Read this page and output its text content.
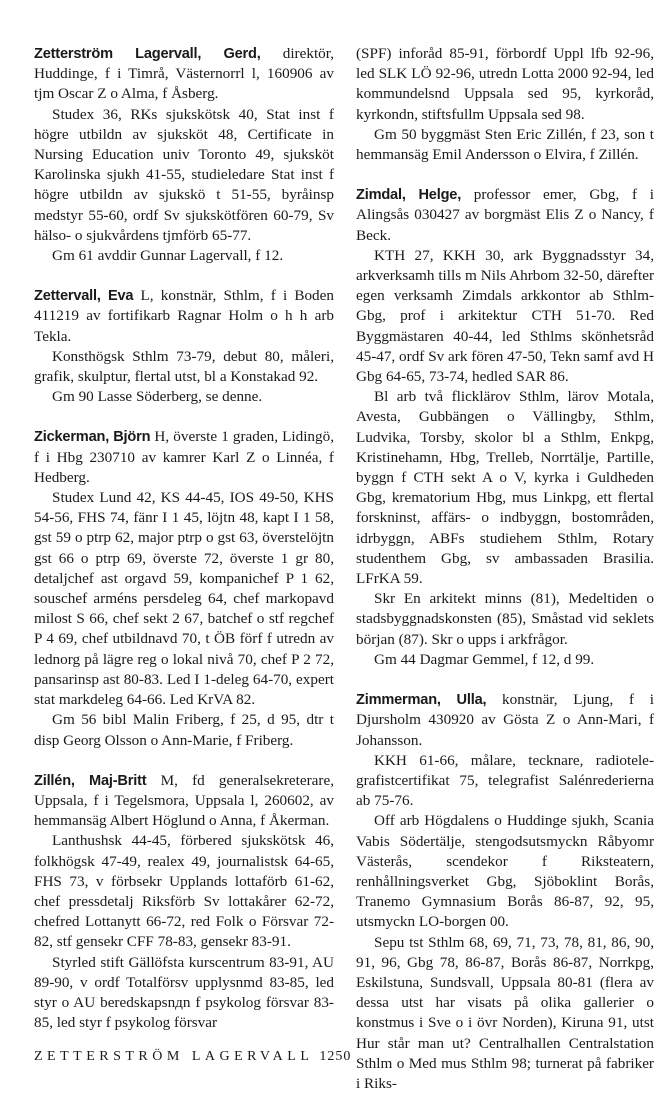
Zetterström Lagervall, Gerd, direktör, Huddinge, f i Timrå, Västernorrl l, 160906 av tjm Oscar Z o Alma, f Åsberg.

Studex 36, RKs sjukskötsk 40, Stat inst f högre utbildn av sjuksköt 48, Certificate in Nursing Education univ Toronto 49, sjuksköt Karolinska sjukh 41-55, studieledare Stat inst f högre utbildn av sjukskö t 51-55, byråinsp medstyr 55-60, ordf Sv sjukskötfören 60-79, Sv hälso- o sjukvårdens tjmförb 65-77.

Gm 61 avddir Gunnar Lagervall, f 12.

Zettervall, Eva L, konstnär, Sthlm, f i Boden 411219 av fortifikarb Ragnar Holm o h h arb Tekla.

Konsthögsk Sthlm 73-79, debut 80, måleri, grafik, skulptur, flertal utst, bl a Konstakad 92.

Gm 90 Lasse Söderberg, se denne.

Zickerman, Björn H, överste 1 graden, Lidingö, f i Hbg 230710 av kamrer Karl Z o Linnéa, f Hedberg.

Studex Lund 42, KS 44-45, IOS 49-50, KHS 54-56, FHS 74, fänr I 1 45, löjtn 48, kapt I 1 58, gst 59 o ptrp 62, major ptrp o gst 63, överstelöjtn gst 66 o ptrp 69, överste 72, överste 1 gr 80, detaljchef ast orgavd 59, kompanichef P 1 62, souschef arméns persdeleg 64, chef markopavd milost S 66, chef sekt 2 67, batchef o stf regchef P 4 69, chef utbildnavd 70, t ÖB förf f utredn av lednorg på lägre reg o lokal nivå 70, chef P 2 72, pansarinsp ast 80-83. Led I 1-deleg 64-70, expert stat markdeleg 64-66. Led KrVA 82.

Gm 56 bibl Malin Friberg, f 25, d 95, dtr t disp Georg Olsson o Ann-Marie, f Friberg.

Zillén, Maj-Britt M, fd generalsekreterare, Uppsala, f i Tegelsmora, Uppsala l, 260602, av hemmansäg Albert Höglund o Anna, f Åkerman.

Lanthushsk 44-45, förbered sjukskötsk 46, folkhögsk 47-49, realex 49, journalistsk 64-65, FHS 73, v förbsekr Upplands lottaförb 61-62, chef pressdetalj Riksförb Sv lottakårer 62-72, chefred Lottanytt 66-72, red Folk o Försvar 72-82, stf gensekr CFF 78-83, gensekr 83-91.

Styrled stift Gällöfsta kurscentrum 83-91, AU 89-90, v ordf Totalförsv upplysnmd 83-85, led styr o AU beredskapsnдn f psykolog försvar 83-85, led styr f psykolog försvar

(SPF) inforåd 85-91, förbordf Uppl lfb 92-96, led SLK LÖ 92-96, utredn Lotta 2000 92-94, led kommundelsnd Uppsala sed 95, kyrkoråd, kyrkondn, stiftsfullm Uppsala sed 98.

Gm 50 byggmäst Sten Eric Zillén, f 23, son t hemmansäg Emil Andersson o Elvira, f Zillén.

Zimdal, Helge, professor emer, Gbg, f i Alingsås 030427 av borgmäst Elis Z o Nancy, f Beck.

KTH 27, KKH 30, ark Byggnadsstyr 34, arkverksamh tills m Nils Ahrbom 32-50, därefter egen verksamh Zimdals arkkontor ab Sthlm-Gbg, prof i arkitektur CTH 51-70. Red Byggmästaren 40-44, led Sthlms skönhetsråd 45-47, ordf Sv ark fören 47-50, Tekn samf avd H Gbg 64-65, 73-74, hedled SAR 86.

Bl arb två flicklärov Sthlm, lärov Motala, Avesta, Gubbängen o Vällingby, Sthlm, Ludvika, Torsby, skolor bl a Sthlm, Enkpg, Kristinehamn, Hbg, Trelleb, Norrtälje, Partille, byggn f CTH sekt A o V, kyrka i Guldheden Gbg, krematorium Hbg, mus Linkpg, ett flertal forskninst, affärs- o indbyggn, bostområden, idrbyggn, ABFs studiehem Sthlm, Rotary studenthem Gbg, sv ambassaden Brasilia. LFrKA 59.

Skr En arkitekt minns (81), Medeltiden o stadsbyggnadskonsten (85), Småstad vid seklets början (87). Skr o upps i arkfrågor.

Gm 44 Dagmar Gemmel, f 12, d 99.

Zimmerman, Ulla, konstnär, Ljung, f i Djursholm 430920 av Gösta Z o Ann-Mari, f Johansson.

KKH 61-66, målare, tecknare, radiotelegrafistcertifikat 75, telegrafist Salénrederierna ab 75-76.

Off arb Högdalens o Huddinge sjukh, Scania Vabis Södertälje, stengodsutsmyckn Råbyomr Västerås, scendekor f Riksteatern, renhållningsverket Gbg, Sjöboklint Borås, Tranemo Gymnasium Borås 86-87, 92, 95, utsmyckn LO-borgen 00.

Sepu tst Sthlm 68, 69, 71, 73, 78, 81, 86, 90, 91, 96, Gbg 78, 86-87, Borås 86-87, Norrkpg, Eskilstuna, Sundsvall, Uppsala 80-81 (flera av dessa utst har visats på olika gallerier o konstmus i Sve o i övr Norden), Kiruna 91, utst Hur står man ut? Centralhallen Centralstation Sthlm o Med mus Sthlm 98; turnerat på fabriker i Riks-

ZETTERSTRÖM LAGERVALL 1250
